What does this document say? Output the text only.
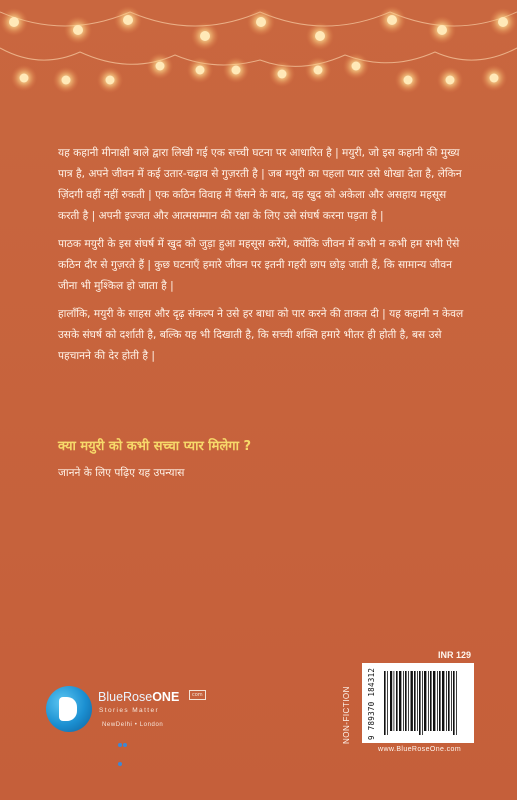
यह कहानी मीनाक्षी बाले द्वारा लिखी गई एक सच्ची घटना पर आधारित है | मयुरी, जो इस कहानी की मुख्य पात्र है, अपने जीवन में कई उतार-चढ़ाव से गुज़रती है | जब मयुरी का पहला प्यार उसे धोखा देता है, लेकिन ज़िंदगी वहीं नहीं रुकती | एक कठिन विवाह में फँसने के बाद, वह खुद को अकेला और असहाय महसूस करती है | अपनी इज्जत और आत्मसम्मान की रक्षा के लिए उसे संघर्ष करना पड़ता है |

पाठक मयुरी के इस संघर्ष में खुद को जुड़ा हुआ महसूस करेंगे, क्योंकि जीवन में कभी न कभी हम सभी ऐसे कठिन दौर से गुज़रते हैं | कुछ घटनाएँ हमारे जीवन पर इतनी गहरी छाप छोड़ जाती हैं, कि सामान्य जीवन जीना भी मुश्किल हो जाता है |

हालाँकि, मयुरी के साहस और दृढ़ संकल्प ने उसे हर बाधा को पार करने की ताकत दी | यह कहानी न केवल उसके संघर्ष को दर्शाती है, बल्कि यह भी दिखाती है, कि सच्ची शक्ति हमारे भीतर ही होती है, बस उसे पहचानने की देर होती है |

क्या मयुरी को कभी सच्चा प्यार मिलेगा ?
जानने के लिए पढ़िए यह उपन्यास
BlueRoseONE	com
Stories Matter
NewDelhi • London	NON-FICTION
INR 129
9 789370 184312
www.BlueRoseOne.com
